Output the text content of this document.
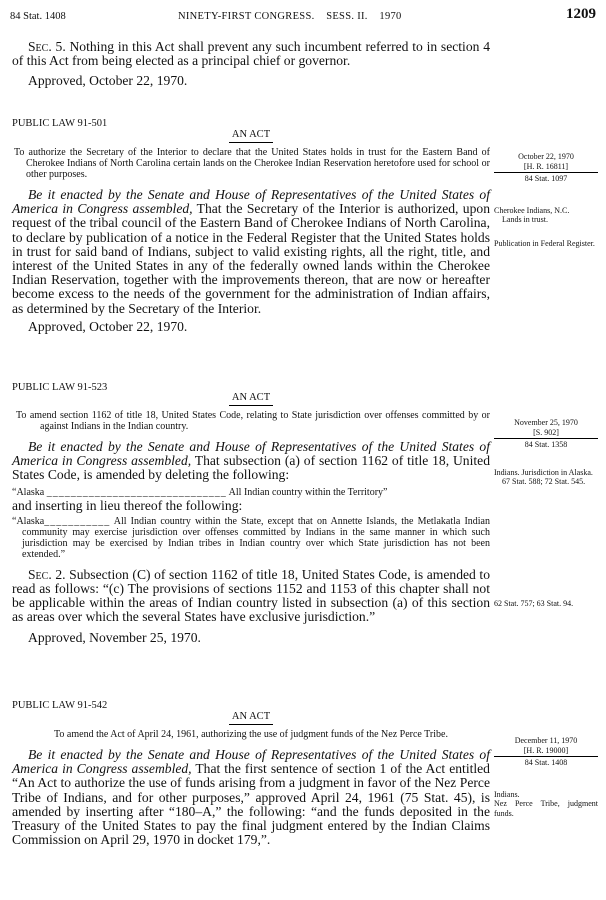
84 Stat. 1408	NINETY-FIRST CONGRESS.    SESS. II.    1970	1209

Sec. 5. Nothing in this Act shall prevent any such incumbent referred to in section 4 of this Act from being elected as a principal chief or governor.

Approved, October 22, 1970.

PUBLIC LAW 91-501

AN ACT

To authorize the Secretary of the Interior to declare that the United States holds in trust for the Eastern Band of Cherokee Indians of North Carolina certain lands on the Cherokee Indian Reservation heretofore used for school or other purposes.

Be it enacted by the Senate and House of Representatives of the United States of America in Congress assembled, That the Secretary of the Interior is authorized, upon request of the tribal council of the Eastern Band of Cherokee Indians of North Carolina, to declare by publication of a notice in the Federal Register that the United States holds in trust for said band of Indians, subject to valid existing rights, all the right, title, and interest of the United States in any of the federally owned lands within the Cherokee Indian Reservation, together with the improvements thereon, that are now or hereafter become excess to the needs of the government for the administration of Indian affairs, as determined by the Secretary of the Interior.

Approved, October 22, 1970.

October 22, 1970
[H. R. 16811]
84 Stat. 1097
Cherokee Indians, N.C.
Lands in trust.
Publication in Federal Register.

PUBLIC LAW 91-523

AN ACT

To amend section 1162 of title 18, United States Code, relating to State jurisdiction over offenses committed by or against Indians in the Indian country.

Be it enacted by the Senate and House of Representatives of the United States of America in Congress assembled, That subsection (a) of section 1162 of title 18, United States Code, is amended by deleting the following:

“Alaska ______________________________ All Indian country within the Territory”

and inserting in lieu thereof the following:

“Alaska___________ All Indian country within the State, except that on Annette Islands, the Metlakatla Indian community may exercise jurisdiction over offenses committed by Indians in the same manner in which such jurisdiction may be exercised by Indian tribes in Indian country over which State jurisdiction has not been extended.”

Sec. 2. Subsection (C) of section 1162 of title 18, United States Code, is amended to read as follows: “(c) The provisions of sections 1152 and 1153 of this chapter shall not be applicable within the areas of Indian country listed in subsection (a) of this section as areas over which the several States have exclusive jurisdiction.”

Approved, November 25, 1970.

November 25, 1970
[S. 902]
84 Stat. 1358
Indians. Jurisdiction in Alaska.
67 Stat. 588; 72 Stat. 545.
62 Stat. 757; 63 Stat. 94.

PUBLIC LAW 91-542

AN ACT

To amend the Act of April 24, 1961, authorizing the use of judgment funds of the Nez Perce Tribe.

Be it enacted by the Senate and House of Representatives of the United States of America in Congress assembled, That the first sentence of section 1 of the Act entitled “An Act to authorize the use of funds arising from a judgment in favor of the Nez Perce Tribe of Indians, and for other purposes,” approved April 24, 1961 (75 Stat. 45), is amended by inserting after “180–A,” the following: “and the funds deposited in the Treasury of the United States to pay the final judgment entered by the Indian Claims Commission on April 29, 1970 in docket 179,”.

December 11, 1970
[H. R. 19000]
84 Stat. 1408
Indians.
Nez Perce Tribe, judgment funds.
